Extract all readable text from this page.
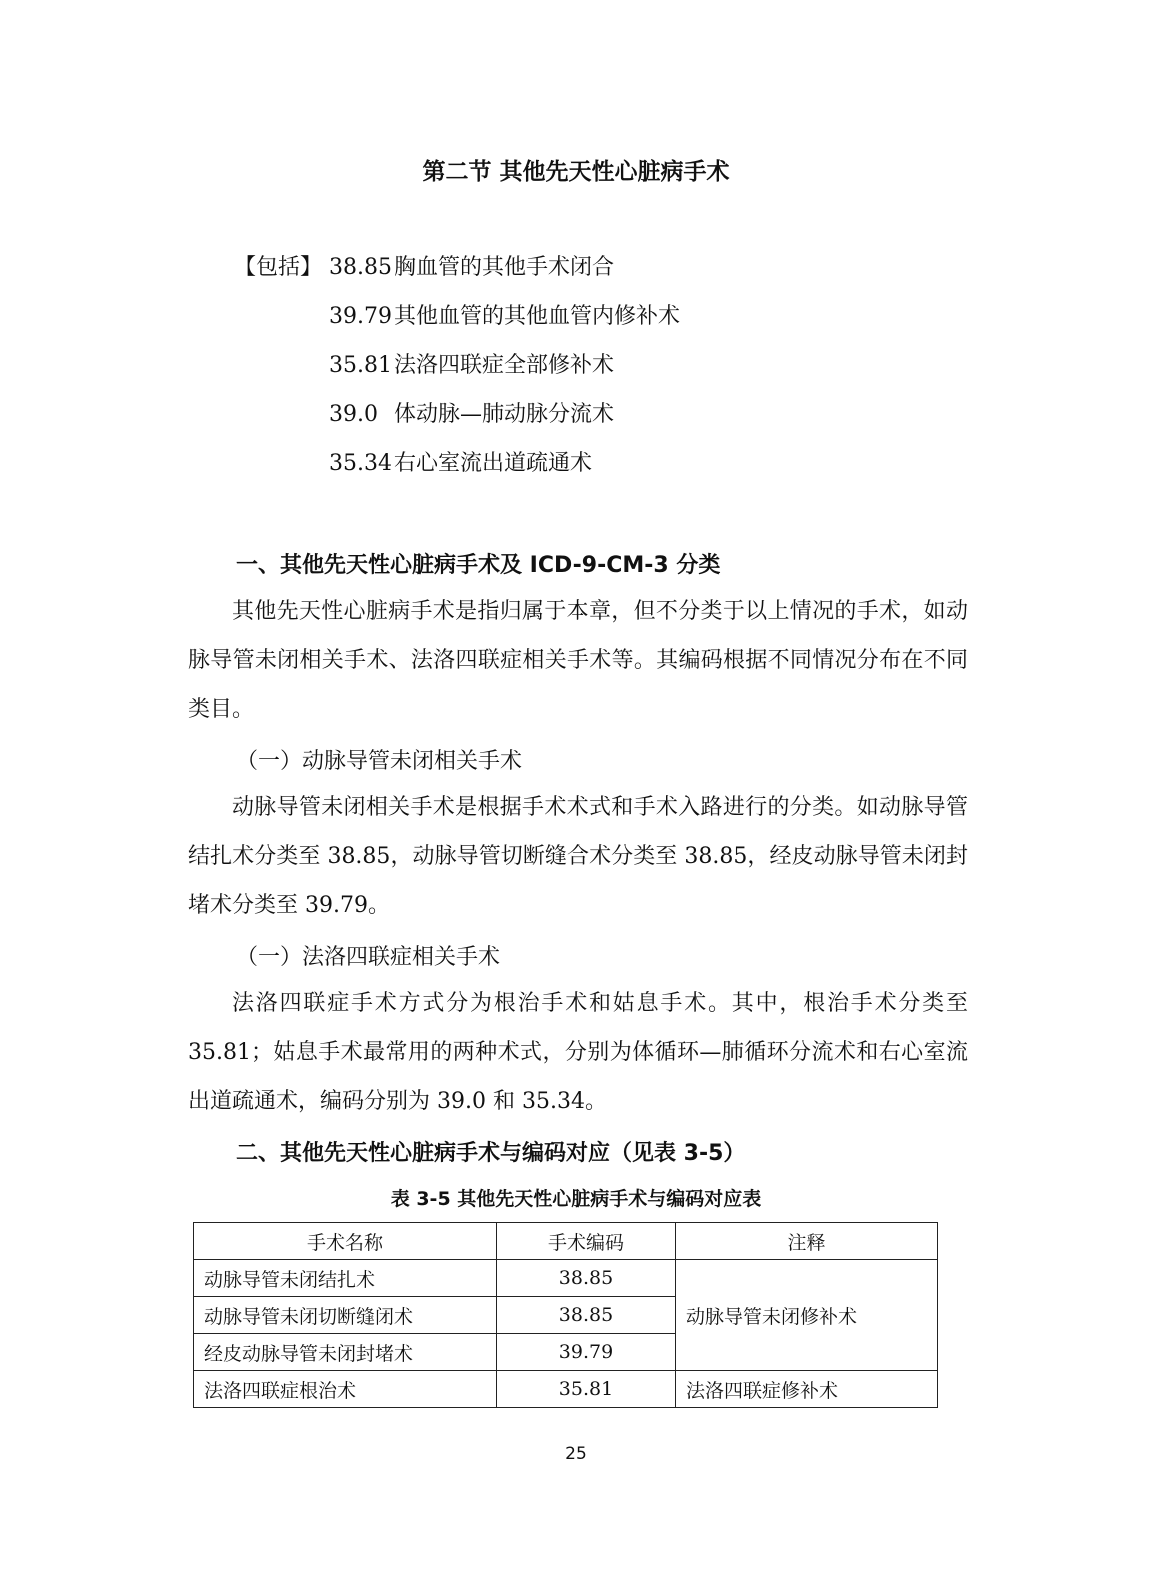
第二节 其他先天性心脏病手术
【包括】 38.85 胸血管的其他手术闭合
39.79 其他血管的其他血管内修补术
35.81 法洛四联症全部修补术
39.0 体动脉—肺动脉分流术
35.34 右心室流出道疏通术
一、其他先天性心脏病手术及 ICD-9-CM-3 分类
其他先天性心脏病手术是指归属于本章，但不分类于以上情况的手术，如动脉导管未闭相关手术、法洛四联症相关手术等。其编码根据不同情况分布在不同类目。
（一）动脉导管未闭相关手术
动脉导管未闭相关手术是根据手术术式和手术入路进行的分类。如动脉导管结扎术分类至 38.85，动脉导管切断缝合术分类至 38.85，经皮动脉导管未闭封堵术分类至 39.79。
（一）法洛四联症相关手术
法洛四联症手术方式分为根治手术和姑息手术。其中，根治手术分类至 35.81；姑息手术最常用的两种术式，分别为体循环—肺循环分流术和右心室流出道疏通术，编码分别为 39.0 和 35.34。
二、其他先天性心脏病手术与编码对应（见表 3-5）
表 3-5 其他先天性心脏病手术与编码对应表
手术名称	手术编码	注释
动脉导管未闭结扎术	38.85	动脉导管未闭修补术
动脉导管未闭切断缝闭术	38.85	
经皮动脉导管未闭封堵术	39.79	
法洛四联症根治术	35.81	法洛四联症修补术
25
